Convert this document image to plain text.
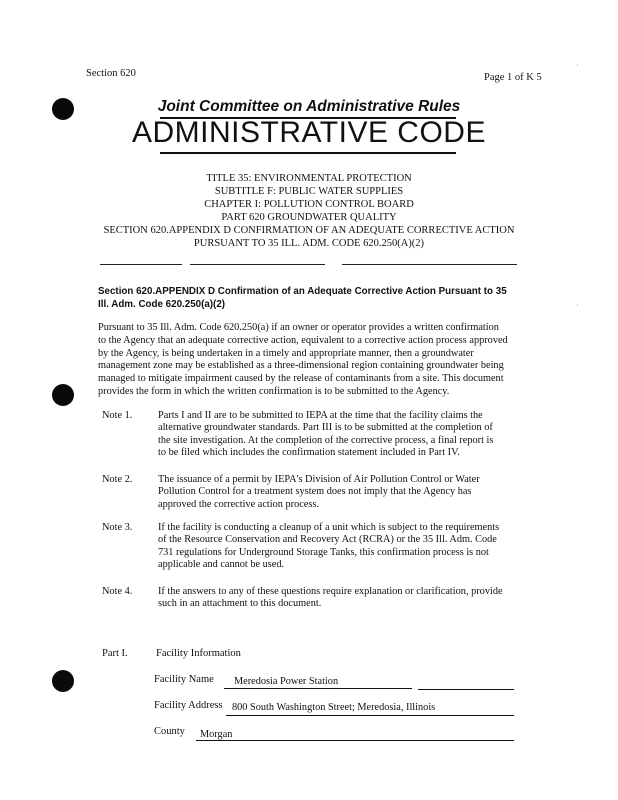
·
·
Section 620	Page 1 of K 5
Joint Committee on Administrative Rules
ADMINISTRATIVE CODE
TITLE 35: ENVIRONMENTAL PROTECTION
SUBTITLE F: PUBLIC WATER SUPPLIES
CHAPTER I: POLLUTION CONTROL BOARD
PART 620 GROUNDWATER QUALITY
SECTION 620.APPENDIX D CONFIRMATION OF AN ADEQUATE CORRECTIVE ACTION
PURSUANT TO 35 ILL. ADM. CODE 620.250(A)(2)
Section 620.APPENDIX D Confirmation of an Adequate Corrective Action Pursuant to 35
Ill. Adm. Code 620.250(a)(2)
Pursuant to 35 Ill. Adm. Code 620.250(a) if an owner or operator provides a written confirmation
to the Agency that an adequate corrective action, equivalent to a corrective action process approved
by the Agency, is being undertaken in a timely and appropriate manner, then a groundwater
management zone may be established as a three-dimensional region containing groundwater being
managed to mitigate impairment caused by the release of contaminants from a site. This document
provides the form in which the written confirmation is to be submitted to the Agency.
Note 1. Parts I and II are to be submitted to IEPA at the time that the facility claims the
alternative groundwater standards. Part III is to be submitted at the completion of
the site investigation. At the completion of the corrective process, a final report is
to be filed which includes the confirmation statement included in Part IV.
Note 2. The issuance of a permit by IEPA's Division of Air Pollution Control or Water
Pollution Control for a treatment system does not imply that the Agency has
approved the corrective action process.
Note 3. If the facility is conducting a cleanup of a unit which is subject to the requirements
of the Resource Conservation and Recovery Act (RCRA) or the 35 Ill. Adm. Code
731 regulations for Underground Storage Tanks, this confirmation process is not
applicable and cannot be used.
Note 4. If the answers to any of these questions require explanation or clarification, provide
such in an attachment to this document.
Part I.	Facility Information
Facility Name Meredosia Power Station
Facility Address 800 South Washington Street; Meredosia, Illinois
County Morgan
